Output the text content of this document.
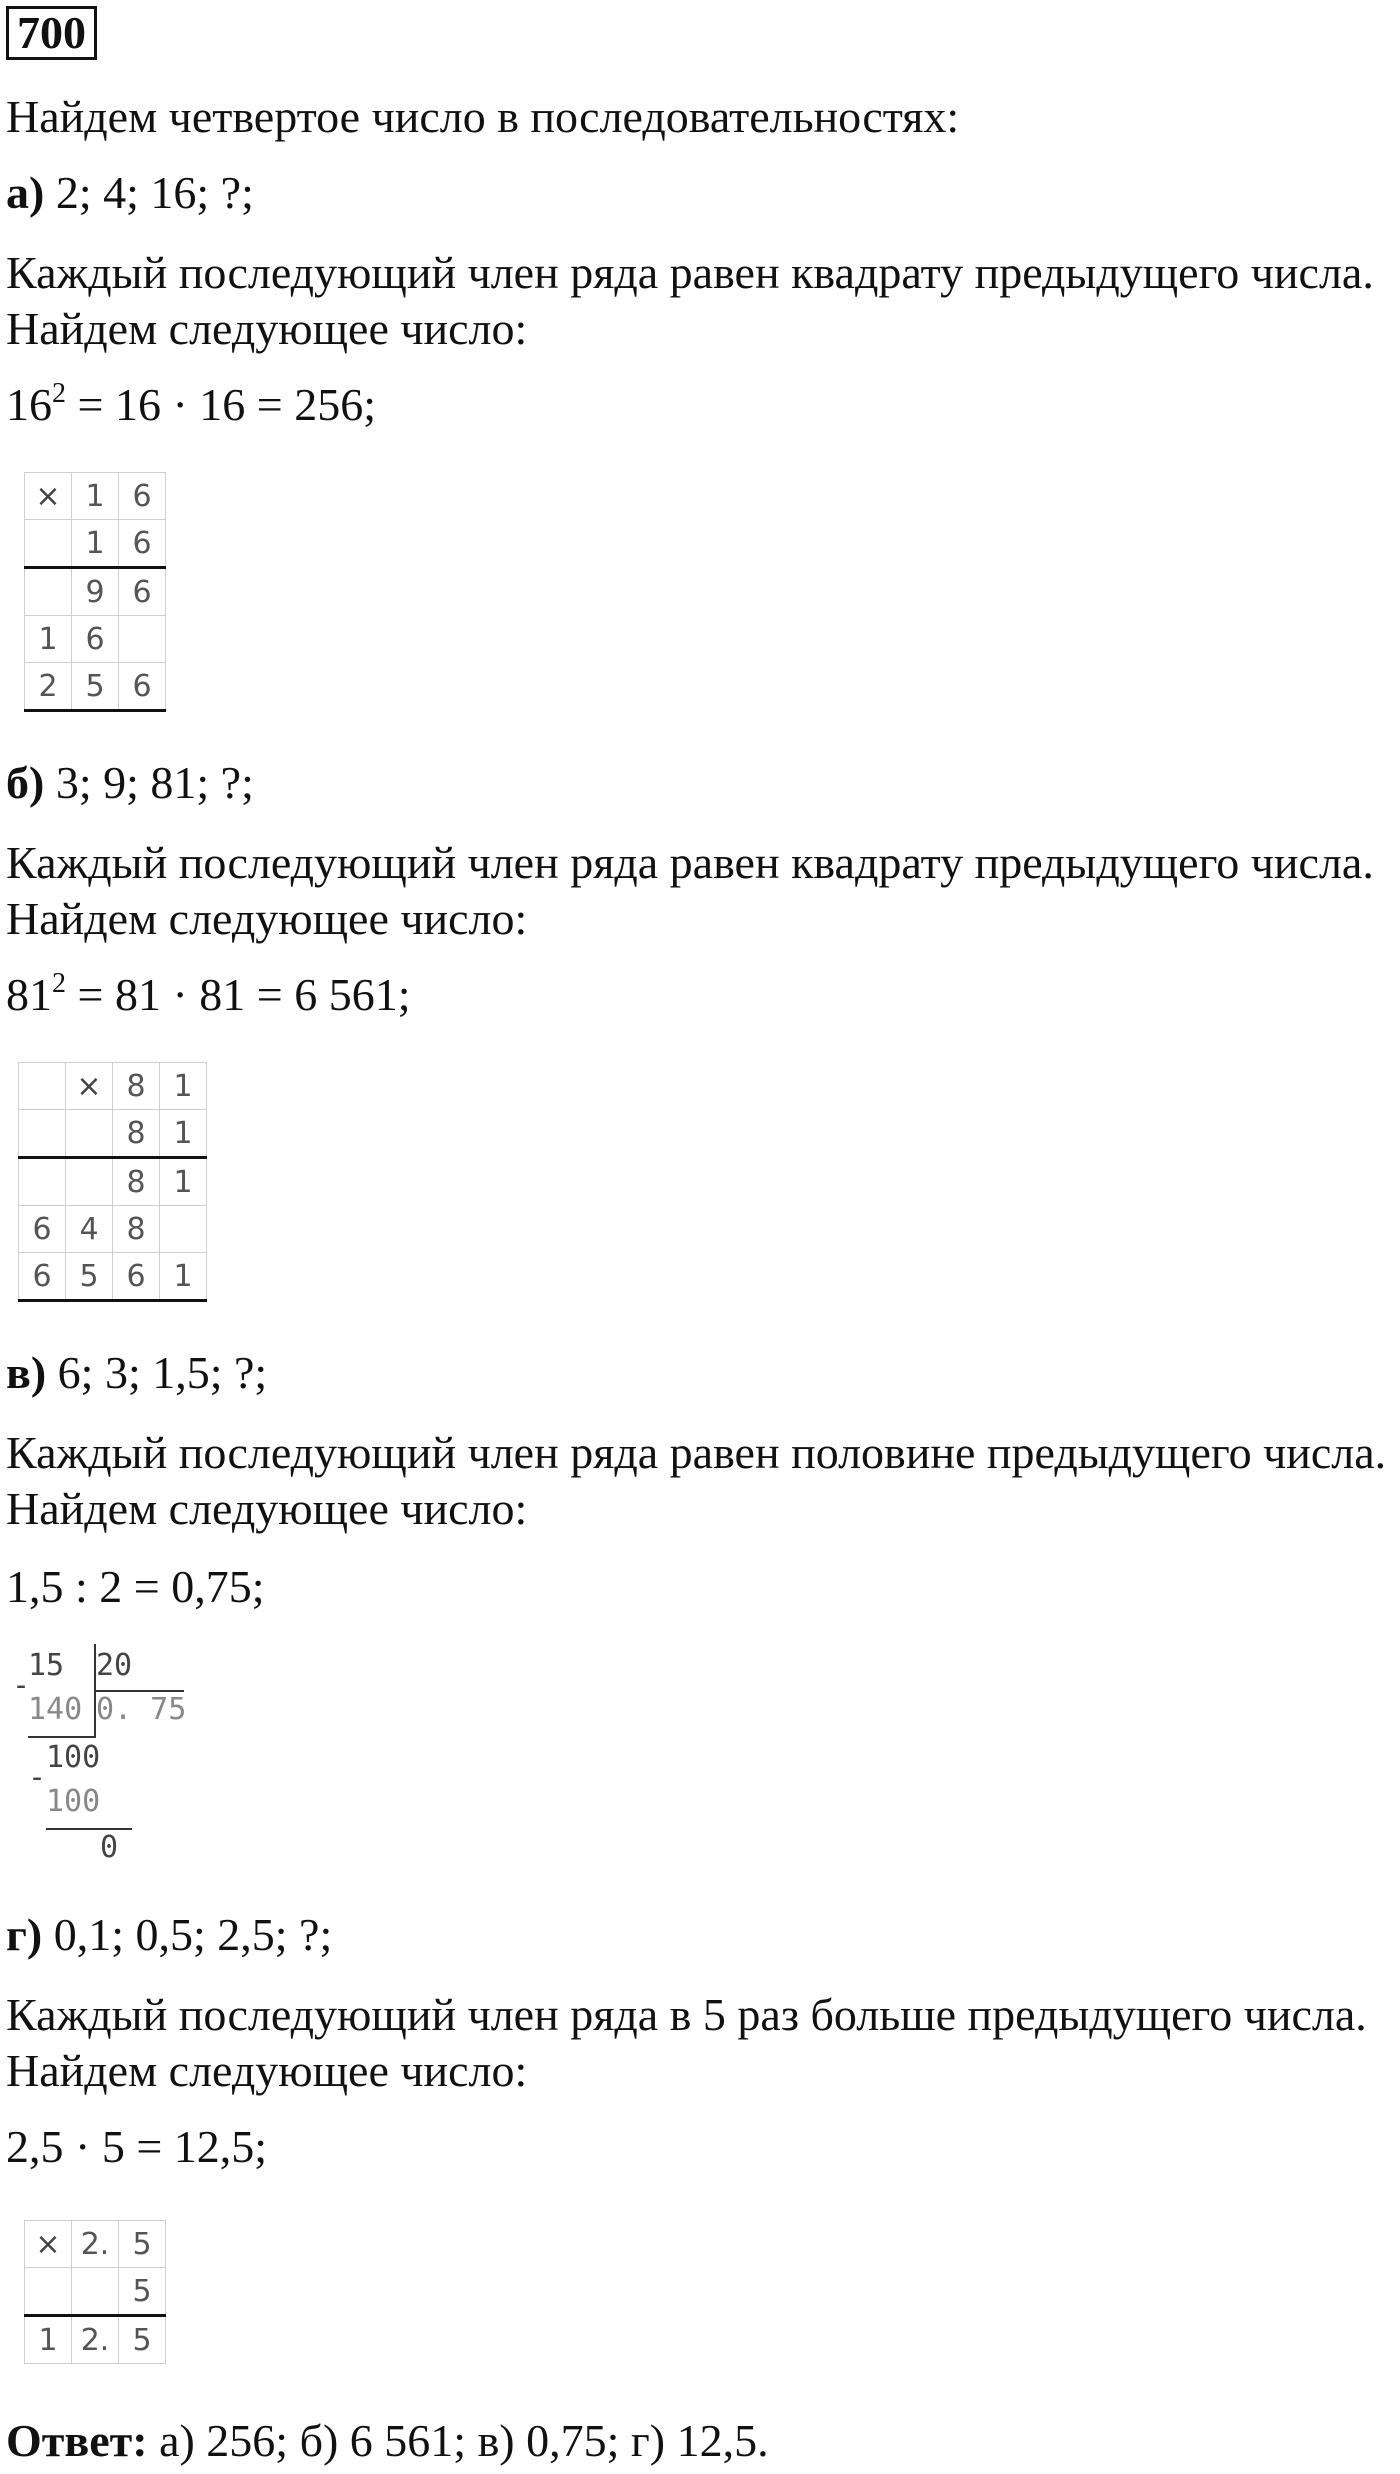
700
Найдем четвертое число в последовательностях:
а) 2; 4; 16; ?;
Каждый последующий член ряда равен квадрату предыдущего числа.
Найдем следующее число:
$16^2 = 16 \cdot 16 = 256$;
×	1	6
	1	6
	9	6
1	6	
2	5	6
б) 3; 9; 81; ?;
Каждый последующий член ряда равен квадрату предыдущего числа.
Найдем следующее число:
$81^2 = 81 \cdot 81 = 6$ 561;
	×	8	1
		8	1
		8	1
6	4	8	
6	5	6	1
в) 6; 3; 1,5; ?;
Каждый последующий член ряда равен половине предыдущего числа.
Найдем следующее число:
1,5 : 2 = 0,75;
15 20
-
140 0. 75
100
-
100
0
г) 0,1; 0,5; 2,5; ?;
Каждый последующий член ряда в 5 раз больше предыдущего числа.
Найдем следующее число:
2,5 · 5 = 12,5;
×	2.	5
		5
1	2.	5
Ответ: а) 256; б) 6 561; в) 0,75; г) 12,5.
